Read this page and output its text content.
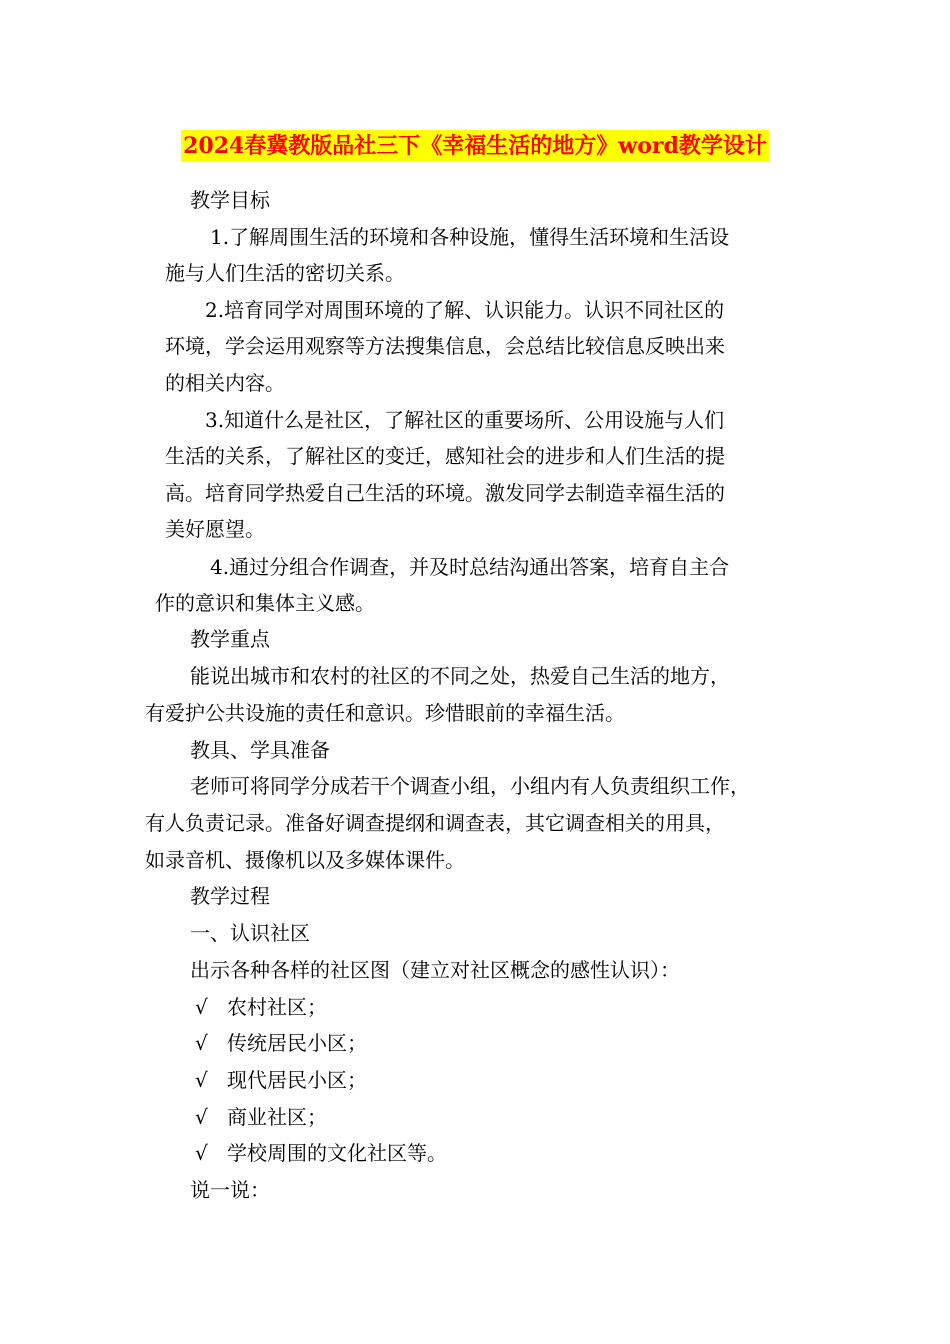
2024春冀教版品社三下《幸福生活的地方》word教学设计
教学目标
1.了解周围生活的环境和各种设施，懂得生活环境和生活设
施与人们生活的密切关系。
2.培育同学对周围环境的了解、认识能力。认识不同社区的
环境，学会运用观察等方法搜集信息，会总结比较信息反映出来
的相关内容。
3.知道什么是社区，了解社区的重要场所、公用设施与人们
生活的关系，了解社区的变迁，感知社会的进步和人们生活的提
高。培育同学热爱自己生活的环境。激发同学去制造幸福生活的
美好愿望。
4.通过分组合作调查，并及时总结沟通出答案，培育自主合
作的意识和集体主义感。
教学重点
能说出城市和农村的社区的不同之处，热爱自己生活的地方，
有爱护公共设施的责任和意识。珍惜眼前的幸福生活。
教具、学具准备
老师可将同学分成若干个调查小组，小组内有人负责组织工作，
有人负责记录。准备好调查提纲和调查表，其它调查相关的用具，
如录音机、摄像机以及多媒体课件。
教学过程
一、认识社区
出示各种各样的社区图（建立对社区概念的感性认识）：
√ 农村社区；
√ 传统居民小区；
√ 现代居民小区；
√ 商业社区；
√ 学校周围的文化社区等。
说一说：
